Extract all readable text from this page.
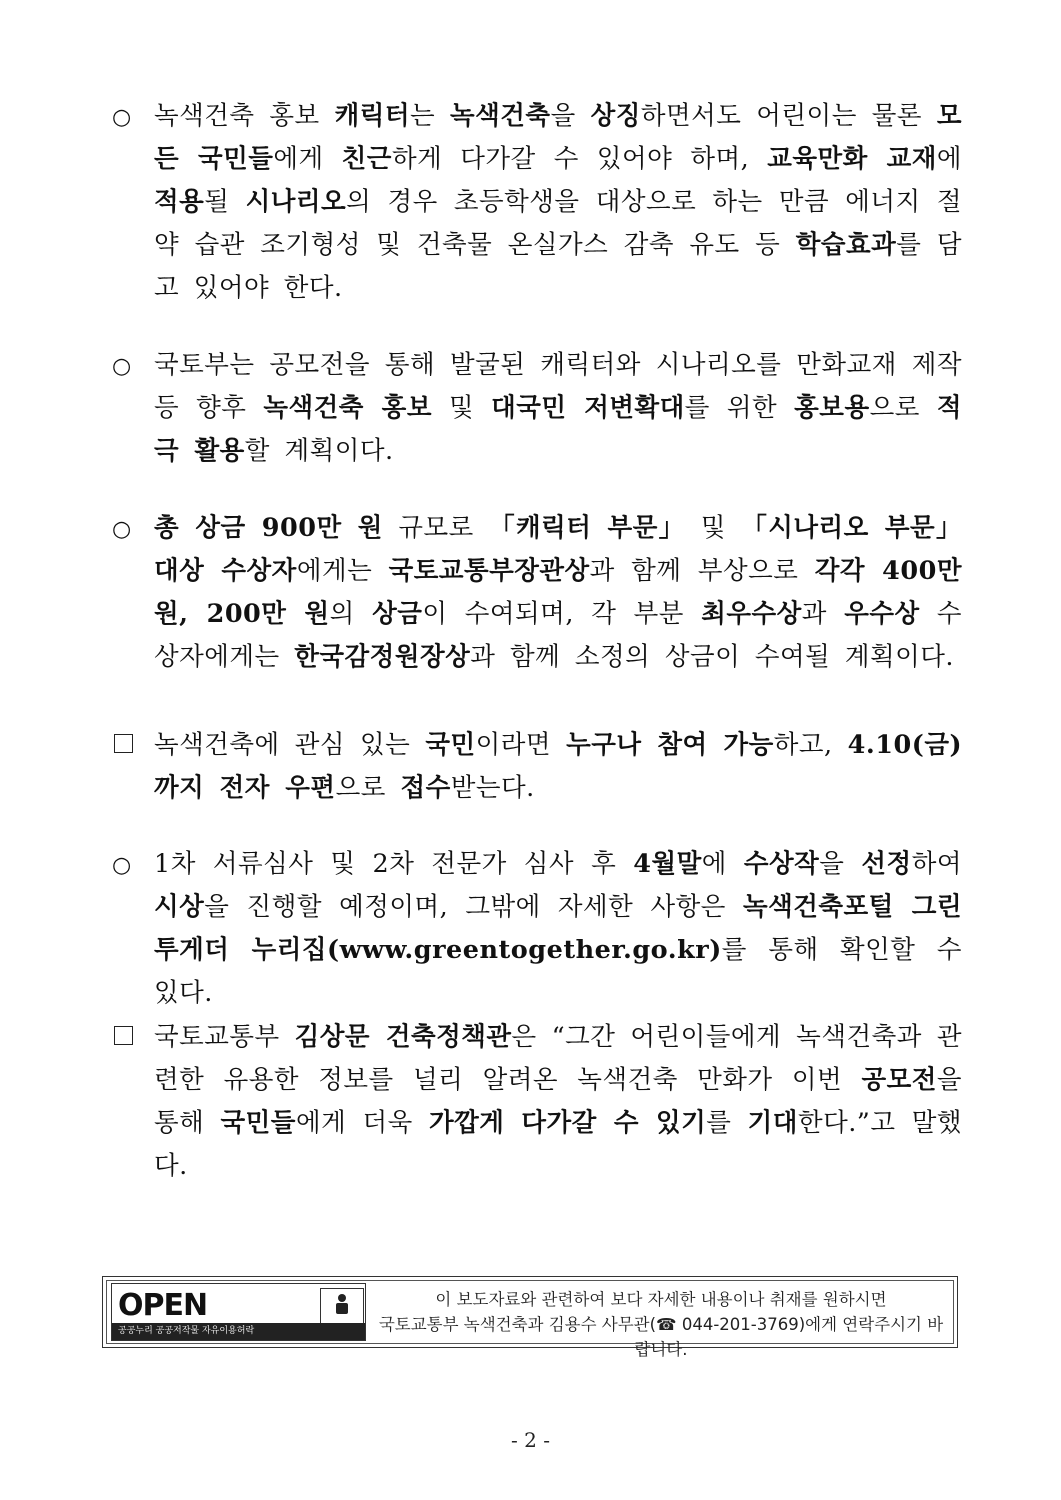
○ 녹색건축 홍보 캐릭터는 녹색건축을 상징하면서도 어린이는 물론 모든 국민들에게 친근하게 다가갈 수 있어야 하며, 교육만화 교재에 적용될 시나리오의 경우 초등학생을 대상으로 하는 만큼 에너지 절약 습관 조기형성 및 건축물 온실가스 감축 유도 등 학습효과를 담고 있어야 한다.
○ 국토부는 공모전을 통해 발굴된 캐릭터와 시나리오를 만화교재 제작 등 향후 녹색건축 홍보 및 대국민 저변확대를 위한 홍보용으로 적극 활용할 계획이다.
○ 총 상금 900만 원 규모로 「캐릭터 부문」 및 「시나리오 부문」 대상 수상자에게는 국토교통부장관상과 함께 부상으로 각각 400만 원, 200만 원의 상금이 수여되며, 각 부분 최우수상과 우수상 수상자에게는 한국감정원장상과 함께 소정의 상금이 수여될 계획이다.
녹색건축에 관심 있는 국민이라면 누구나 참여 가능하고, 4.10(금)까지 전자 우편으로 접수받는다.
○ 1차 서류심사 및 2차 전문가 심사 후 4월말에 수상작을 선정하여 시상을 진행할 예정이며, 그밖에 자세한 사항은 녹색건축포털 그린투게더 누리집(www.greentogether.go.kr)를 통해 확인할 수 있다.
국토교통부 김상문 건축정책관은 “그간 어린이들에게 녹색건축과 관련한 유용한 정보를 널리 알려온 녹색건축 만화가 이번 공모전을 통해 국민들에게 더욱 가깝게 다가갈 수 있기를 기대한다.”고 말했다.
OPEN
공공누리 공공저작물 자유이용허락
이 보도자료와 관련하여 보다 자세한 내용이나 취재를 원하시면
국토교통부 녹색건축과 김용수 사무관(☎ 044-201-3769)에게 연락주시기 바랍니다.
- 2 -
